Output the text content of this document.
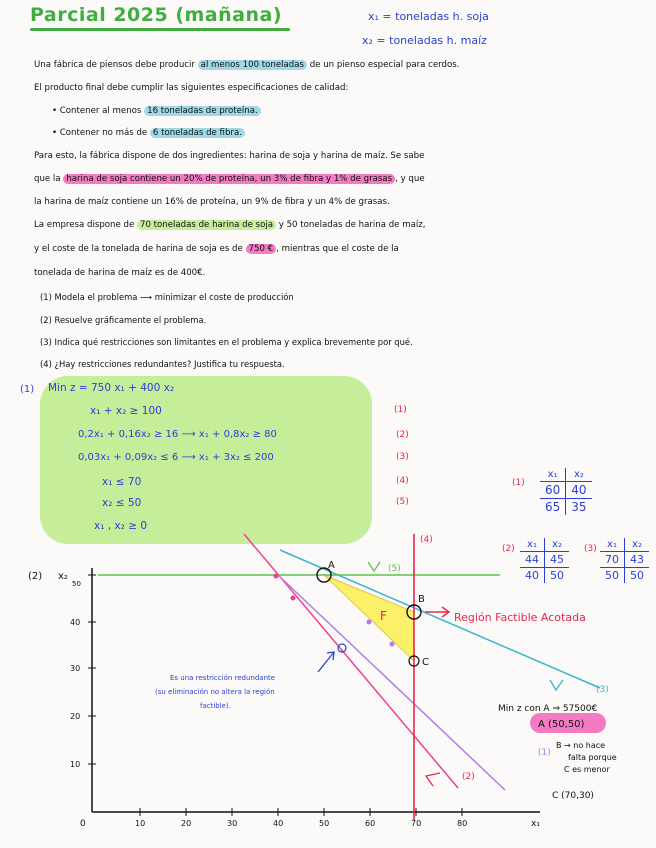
Parcial 2025 (mañana)	x₁ = toneladas h. soja
x₂ = toneladas h. maíz
Una fábrica de piensos debe producir al menos 100 toneladas de un pienso especial para cerdos.
El producto final debe cumplir las siguientes especificaciones de calidad:
• Contener al menos 16 toneladas de proteína.
• Contener no más de 6 toneladas de fibra.
Para esto, la fábrica dispone de dos ingredientes: harina de soja y harina de maíz. Se sabe
que la harina de soja contiene un 20% de proteína, un 3% de fibra y 1% de grasas , y que
la harina de maíz contiene un 16% de proteína, un 9% de fibra y un 4% de grasas.
La empresa dispone de 70 toneladas de harina de soja y 50 toneladas de harina de maíz,
y el coste de la tonelada de harina de soja es de 750 € , mientras que el coste de la
tonelada de harina de maíz es de 400€.
(1) Modela el problema ⟶ minimizar el coste de producción
(2) Resuelve gráficamente el problema.
(3) Indica qué restricciones son limitantes en el problema y explica brevemente por qué.
(4) ¿Hay restricciones redundantes? Justifica tu respuesta.
(1) Min z = 750 x₁ + 400 x₂
x₁ + x₂ ≥ 100
0,2x₁ + 0,16x₂ ≥ 16 ⟶ x₁ + 0,8x₂ ≥ 80
0,03x₁ + 0,09x₂ ≤ 6 ⟶ x₁ + 3x₂ ≤ 200
x₁ ≤ 70
x₂ ≤ 50
x₁ , x₂ ≥ 0
(1)
(2)
(3)
(4)
(5)
(1)
x₁	x₂
60	40
65	35
(2) x₁	x₂
44	45
40	50
(3) x₁	x₂
70	43
50	50
(2) x₂
x₁
0	10	20	30	40	50	60	70	80
10
20
30
40
50
A
B
C
F
(1)
(2)
(3)
(4)
(5)
Región Factible Acotada
Es una restricción redundante
(su eliminación no altera la región
factible).	Min z con A ⇒ 57500€
A (50,50)
B → no hace
falta porque
C es menor
C (70,30)
